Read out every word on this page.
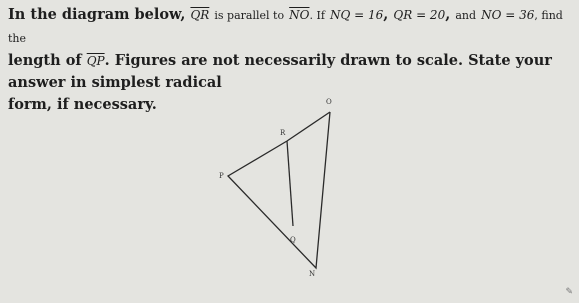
In the diagram below, $\overline{QR}$ is parallel to $\overline{NO}$. If NQ = 16, QR = 20, and NO = 36, find the
length of $\overline{QP}$. Figures are not necessarily drawn to scale. State your answer in simplest radical
form, if necessary.	O
R
P
Q
N
✎
